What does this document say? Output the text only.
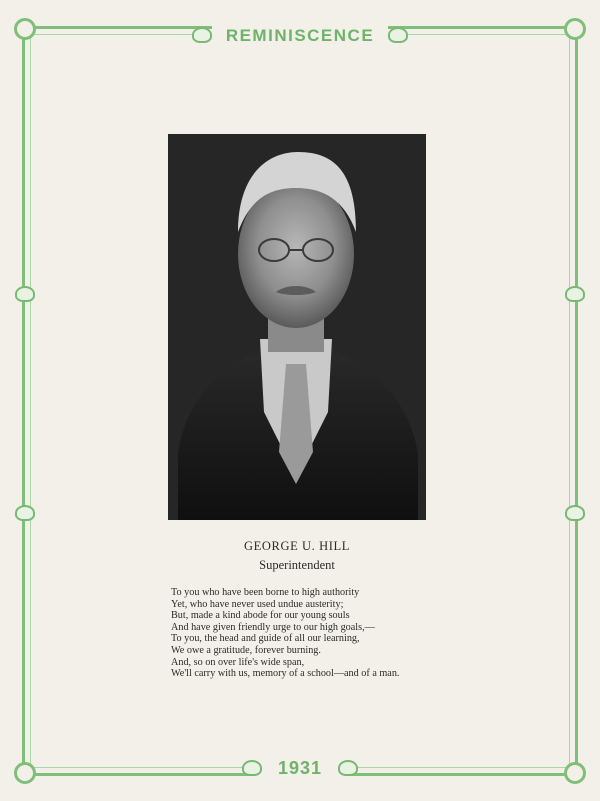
REMINISCENCE
1931
GEORGE U. HILL
Superintendent
To you who have been borne to high authority
Yet, who have never used undue austerity;
But, made a kind abode for our young souls
And have given friendly urge to our high goals,—
To you, the head and guide of all our learning,
We owe a gratitude, forever burning.
And, so on over life's wide span,
We'll carry with us, memory of a school—and of a man.
